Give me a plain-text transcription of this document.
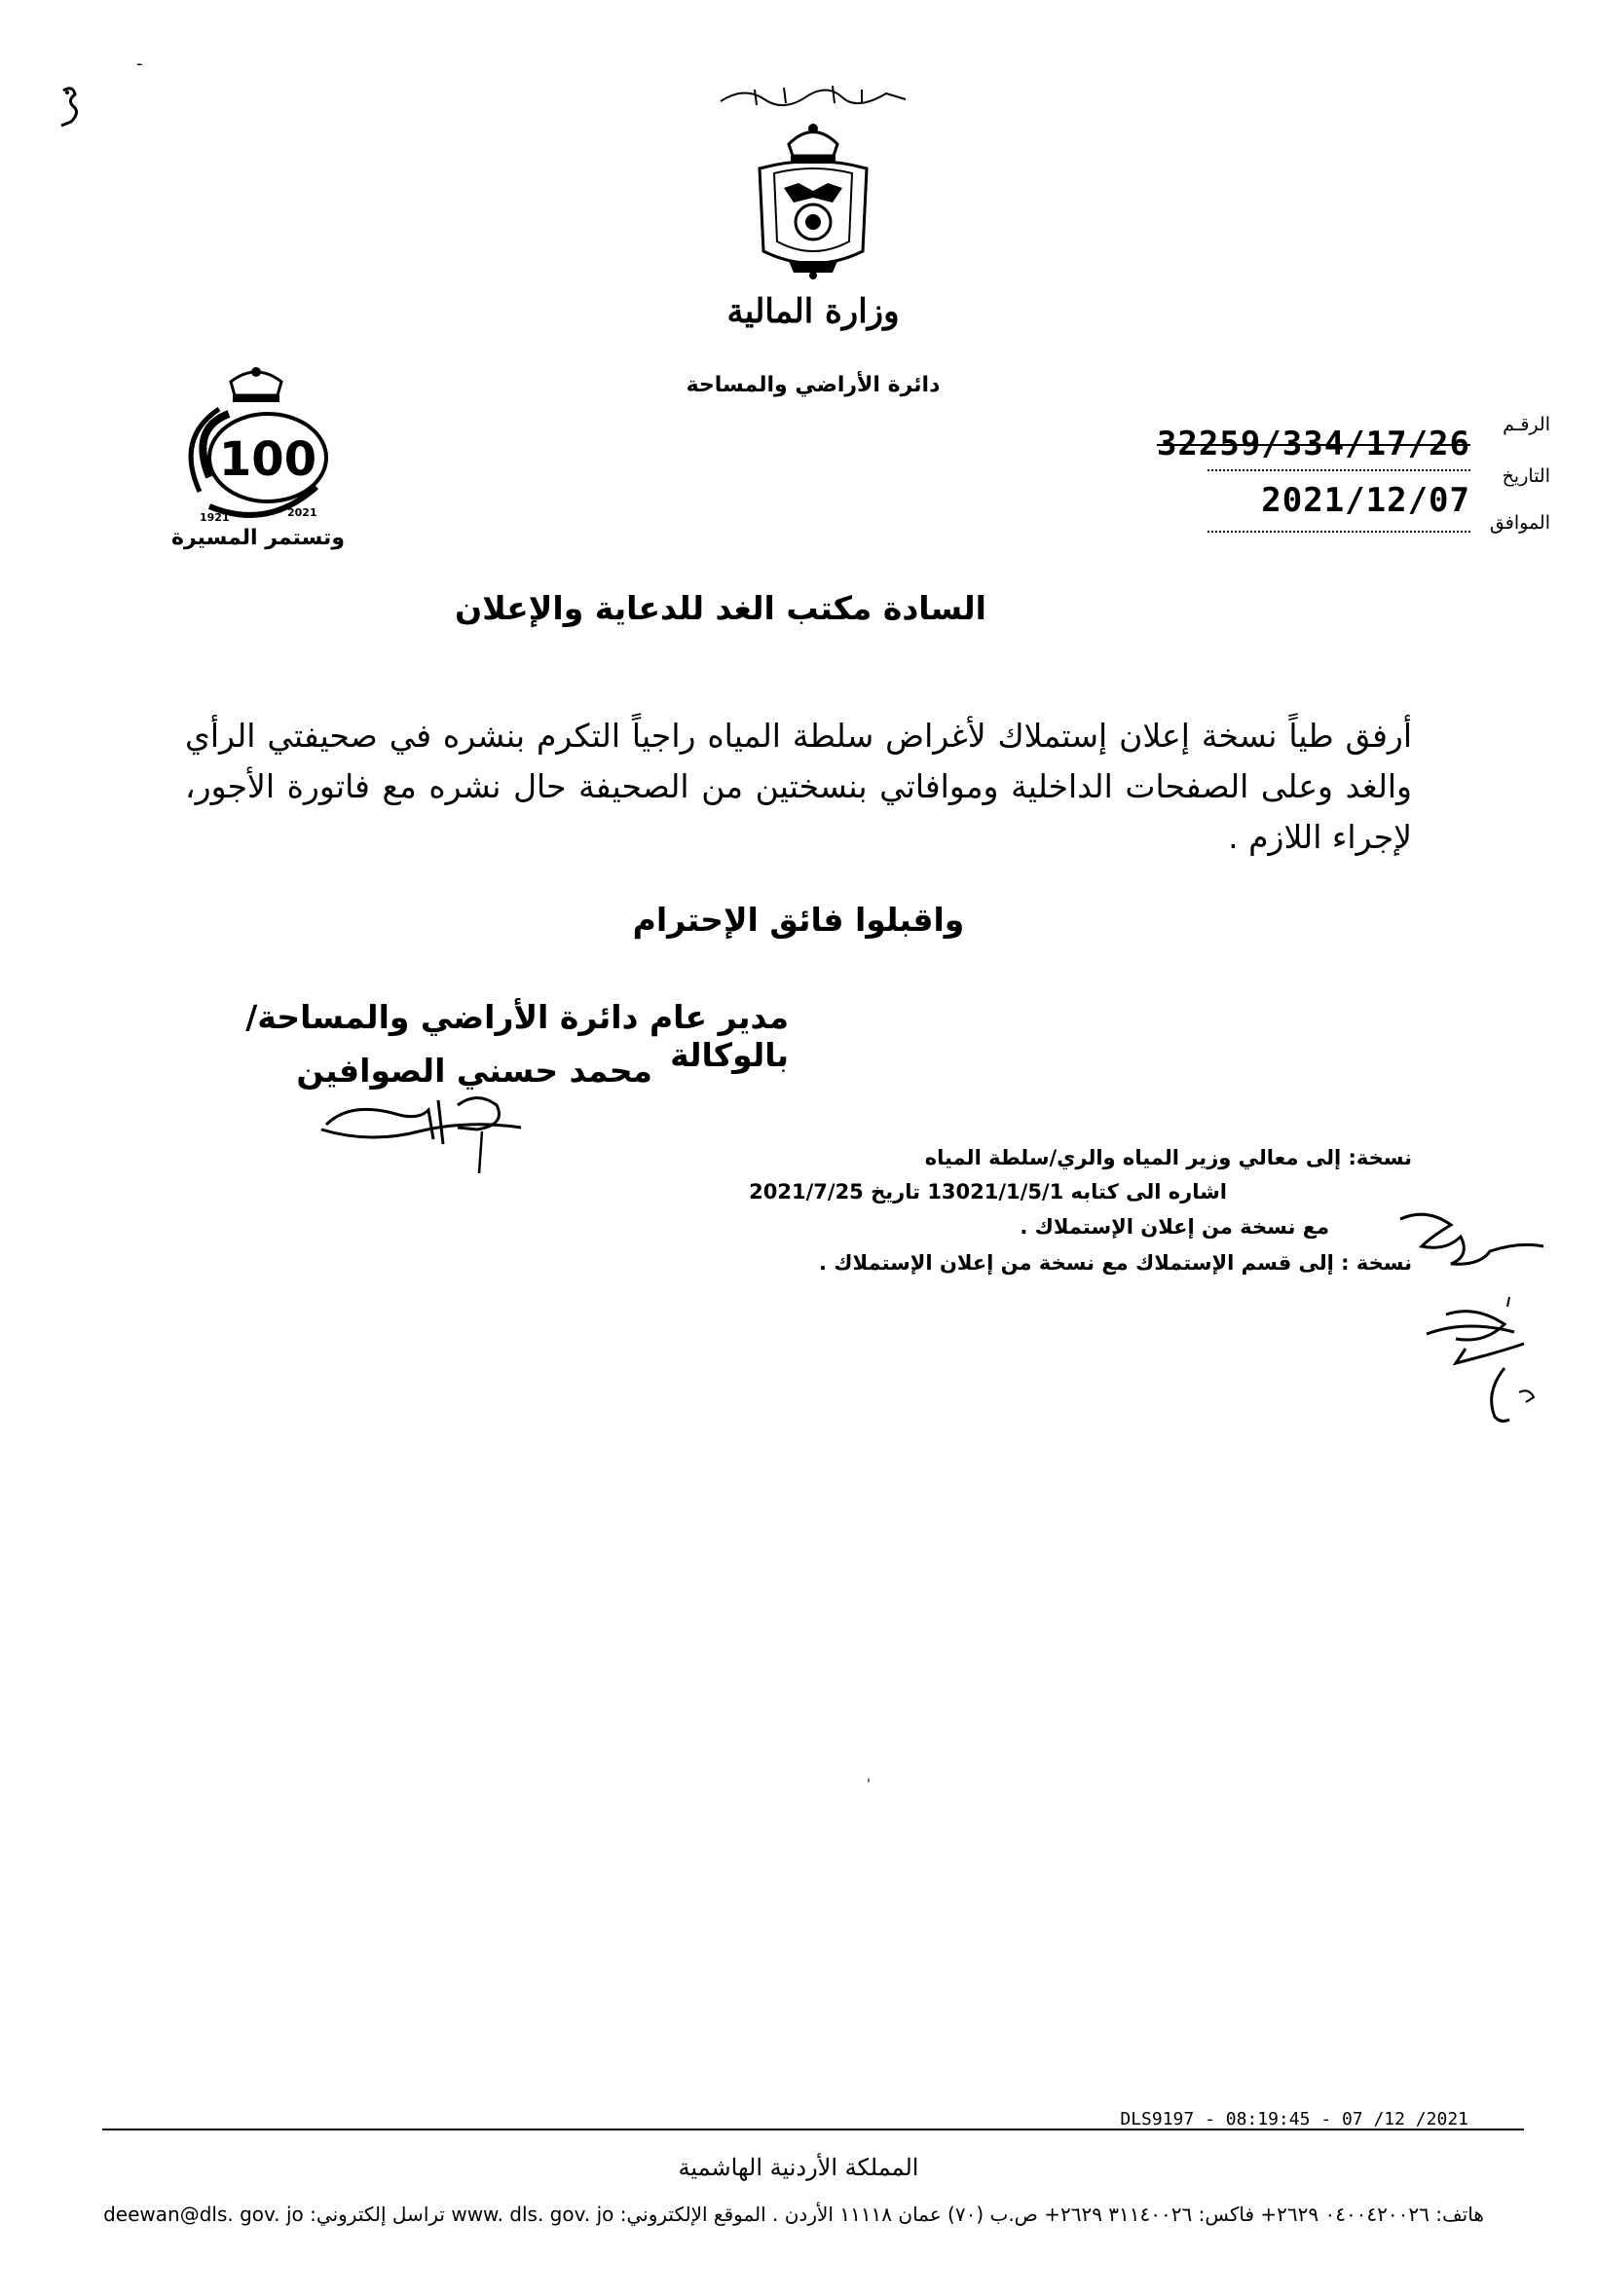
-
وزارة المالية
دائرة الأراضي والمساحة
100
1921	2021
وتستمر المسيرة
الرقـم
التاريخ
الموافق
32259/334/17/26
2021/12/07
السادة مكتب الغد للدعاية والإعلان
أرفق طياً نسخة إعلان إستملاك لأغراض سلطة المياه راجياً التكرم بنشره في صحيفتي الرأي والغد وعلى الصفحات الداخلية وموافاتي بنسختين من الصحيفة حال نشره مع فاتورة الأجور، لإجراء اللازم .
واقبلوا فائق الإحترام
مدير عام دائرة الأراضي والمساحة/بالوكالة
محمد حسني الصوافين
نسخة: إلى معالي وزير المياه والري/سلطة المياه
اشاره الى كتابه 13021/1/5/1 تاريخ 2021/7/25
مع نسخة من إعلان الإستملاك .
نسخة : إلى قسم الإستملاك مع نسخة من إعلان الإستملاك .
'
DLS9197 - 08:19:45 - 07 /12 /2021
المملكة الأردنية الهاشمية
هاتف: ٠٤٠٠٤٢٠٠٢٦ ٢٦٢٩+ فاكس: ٣١١٤٠٠٢٦ ٢٦٢٩+ ص.ب (٧٠) عمان ١١١١٨ الأردن . الموقع الإلكتروني: www. dls. gov. jo تراسل إلكتروني: deewan@dls. gov. jo
